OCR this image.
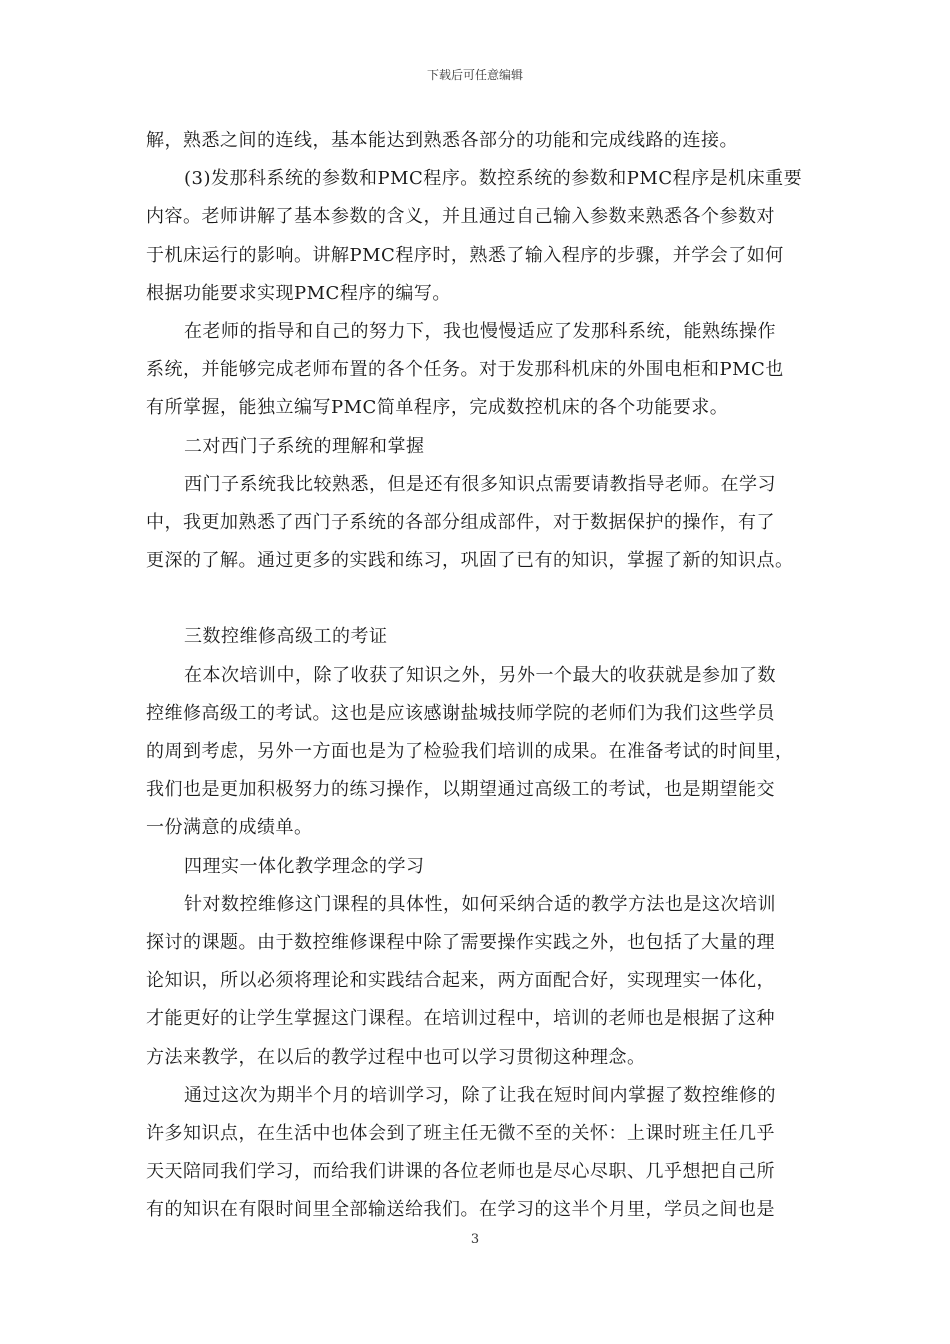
下载后可任意编辑
解，熟悉之间的连线，基本能达到熟悉各部分的功能和完成线路的连接。
(3)发那科系统的参数和PMC程序。数控系统的参数和PMC程序是机床重要
内容。老师讲解了基本参数的含义，并且通过自己输入参数来熟悉各个参数对
于机床运行的影响。讲解PMC程序时，熟悉了输入程序的步骤，并学会了如何
根据功能要求实现PMC程序的编写。
在老师的指导和自己的努力下，我也慢慢适应了发那科系统，能熟练操作
系统，并能够完成老师布置的各个任务。对于发那科机床的外围电柜和PMC也
有所掌握，能独立编写PMC简单程序，完成数控机床的各个功能要求。
二对西门子系统的理解和掌握
西门子系统我比较熟悉，但是还有很多知识点需要请教指导老师。在学习
中，我更加熟悉了西门子系统的各部分组成部件，对于数据保护的操作，有了
更深的了解。通过更多的实践和练习，巩固了已有的知识，掌握了新的知识点。
三数控维修高级工的考证
在本次培训中，除了收获了知识之外，另外一个最大的收获就是参加了数
控维修高级工的考试。这也是应该感谢盐城技师学院的老师们为我们这些学员
的周到考虑，另外一方面也是为了检验我们培训的成果。在准备考试的时间里，
我们也是更加积极努力的练习操作，以期望通过高级工的考试，也是期望能交
一份满意的成绩单。
四理实一体化教学理念的学习
针对数控维修这门课程的具体性，如何采纳合适的教学方法也是这次培训
探讨的课题。由于数控维修课程中除了需要操作实践之外，也包括了大量的理
论知识，所以必须将理论和实践结合起来，两方面配合好，实现理实一体化，
才能更好的让学生掌握这门课程。在培训过程中，培训的老师也是根据了这种
方法来教学，在以后的教学过程中也可以学习贯彻这种理念。
通过这次为期半个月的培训学习，除了让我在短时间内掌握了数控维修的
许多知识点，在生活中也体会到了班主任无微不至的关怀：上课时班主任几乎
天天陪同我们学习，而给我们讲课的各位老师也是尽心尽职、几乎想把自己所
有的知识在有限时间里全部输送给我们。在学习的这半个月里，学员之间也是
3
